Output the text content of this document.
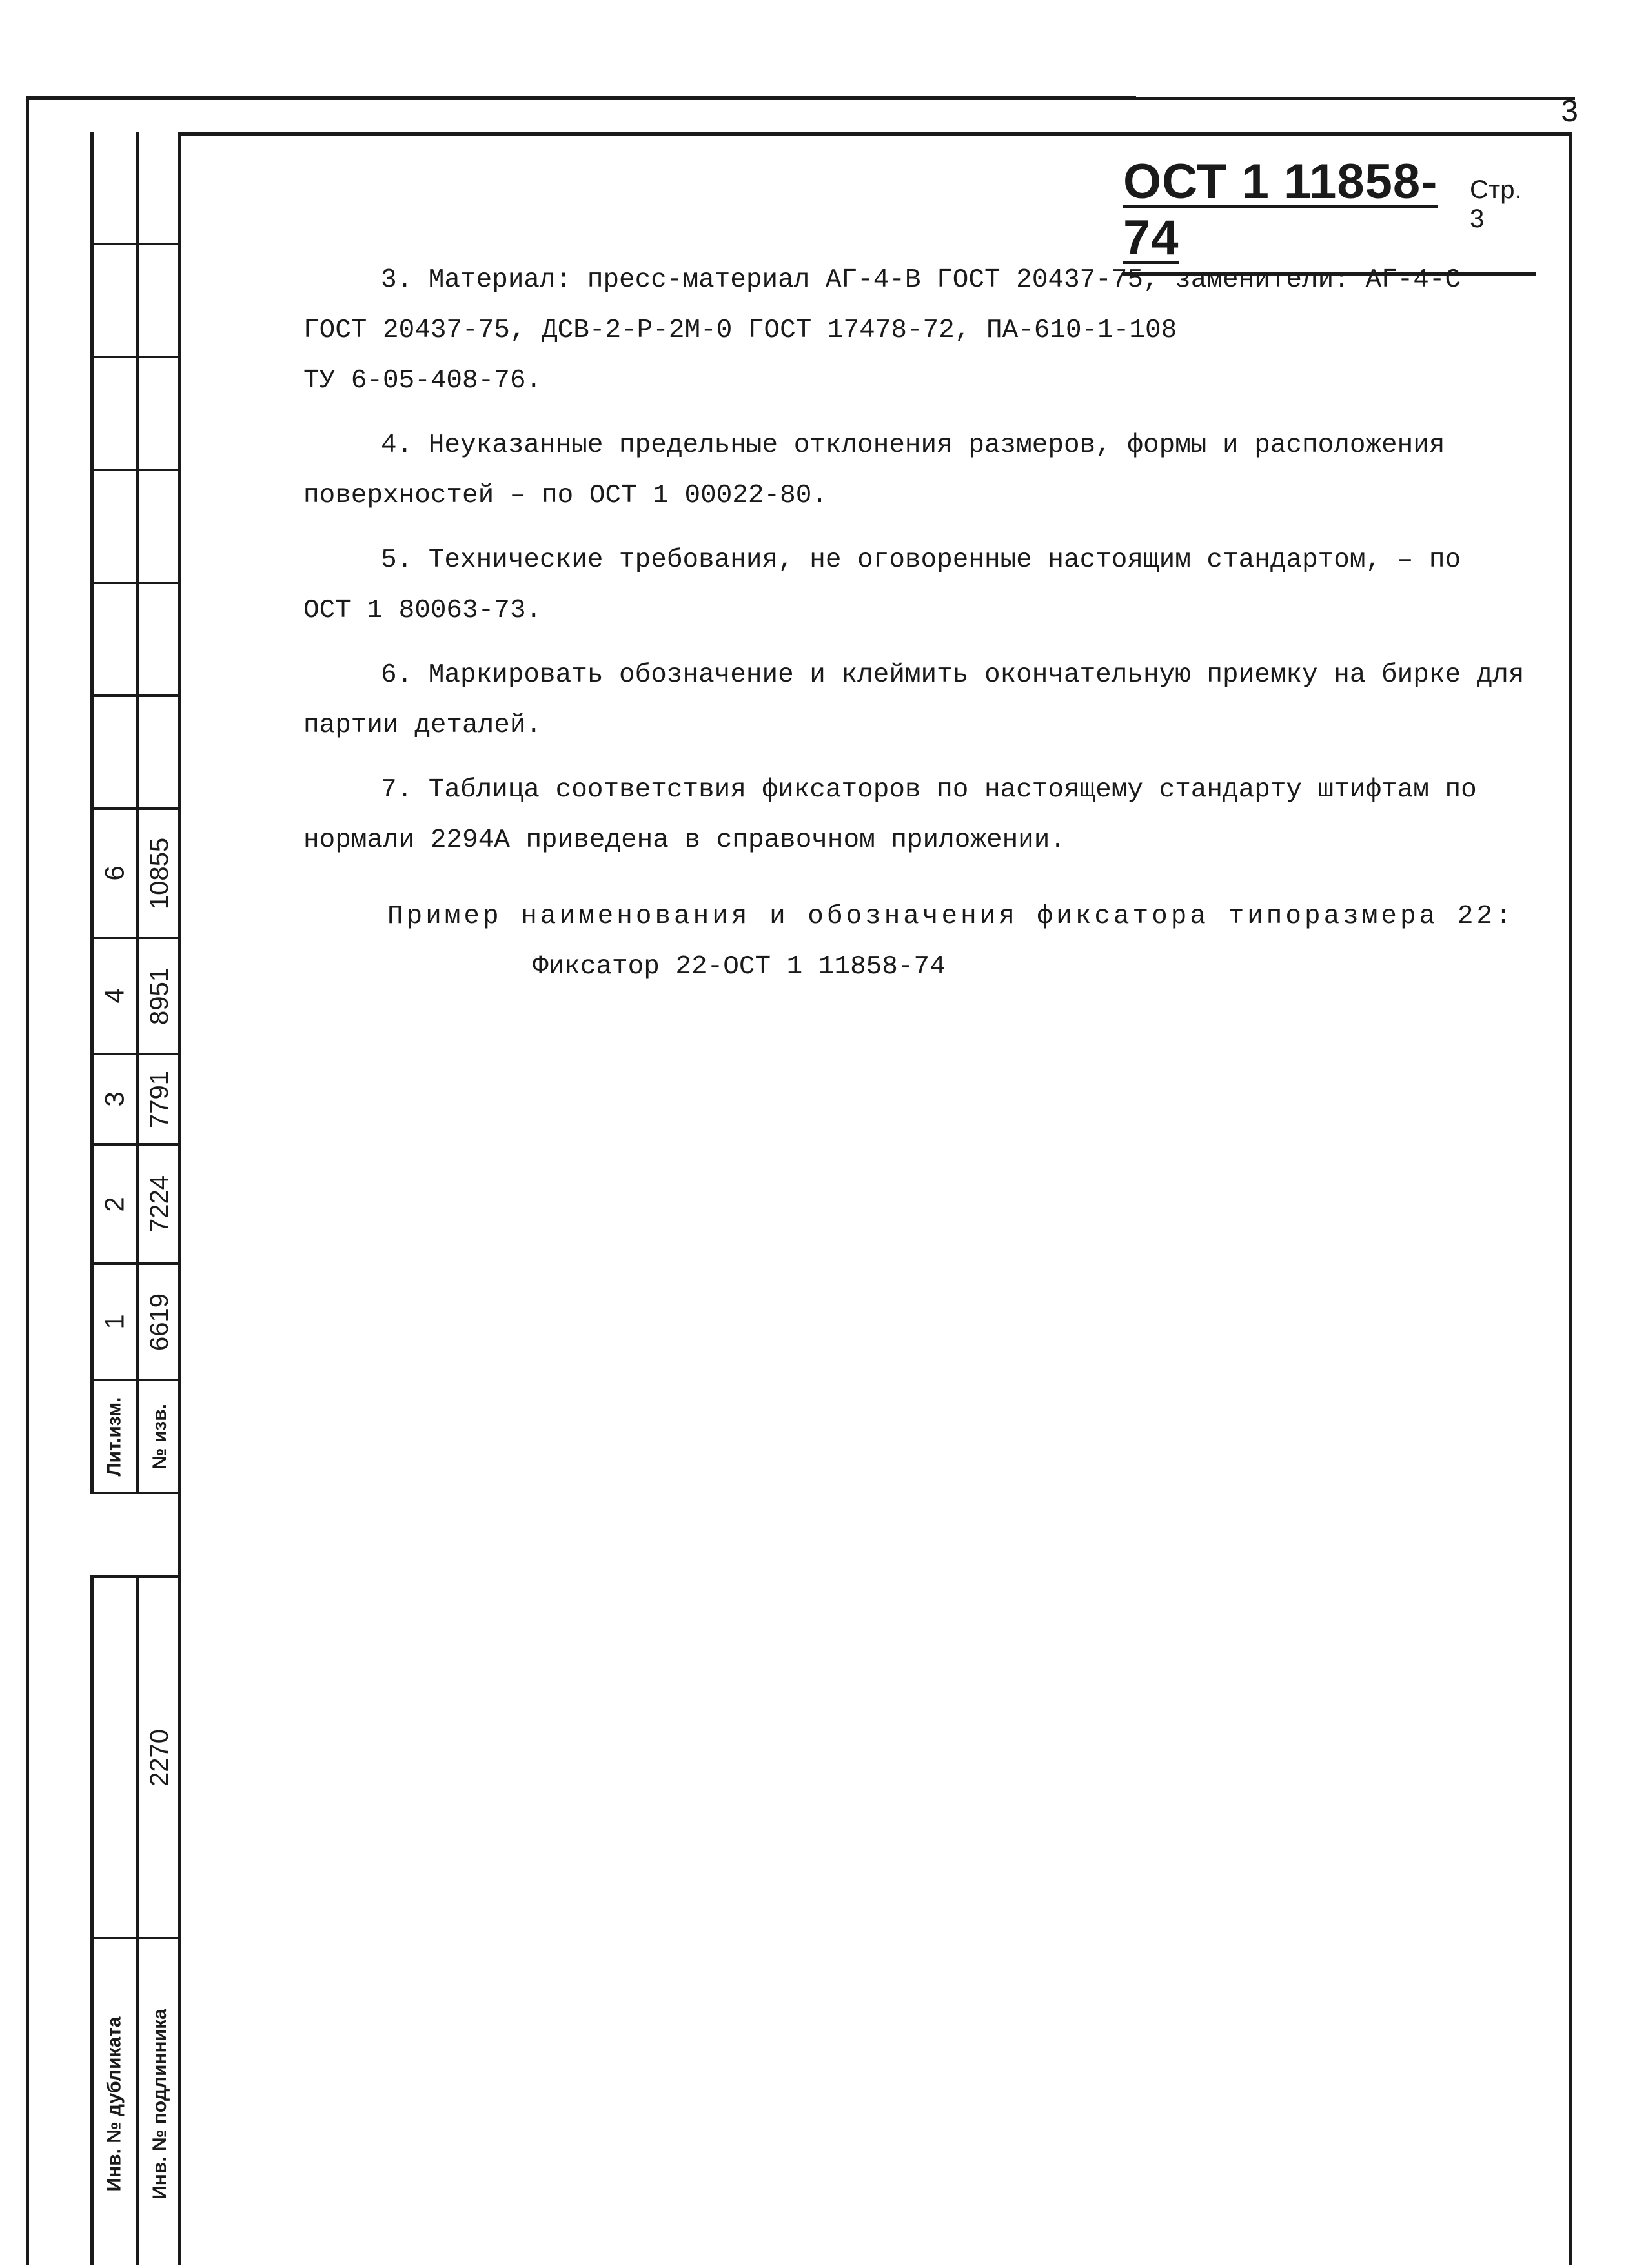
3
ОСТ 1 11858-74
Стр. 3
6
4
3
2
1
Лит.изм.
10855
8951
7791
7224
6619
№ изв.
Инв. № дубликата
2270
Инв. № подлинника

3. Материал: пресс-материал АГ-4-В ГОСТ 20437-75, заменители: АГ-4-С
ГОСТ 20437-75, ДСВ-2-Р-2М-0 ГОСТ 17478-72, ПА-610-1-108
ТУ 6-05-408-76.

4. Неуказанные предельные отклонения размеров, формы и расположения
поверхностей – по ОСТ 1 00022-80.

5. Технические требования, не оговоренные настоящим стандартом, – по
ОСТ 1 80063-73.

6. Маркировать обозначение и клеймить окончательную приемку на бирке для
партии деталей.

7. Таблица соответствия фиксаторов по настоящему стандарту штифтам по
нормали 2294А приведена в справочном приложении.

Пример наименования и обозначения фиксатора типоразмера 22:
Фиксатор 22-ОСТ 1 11858-74
